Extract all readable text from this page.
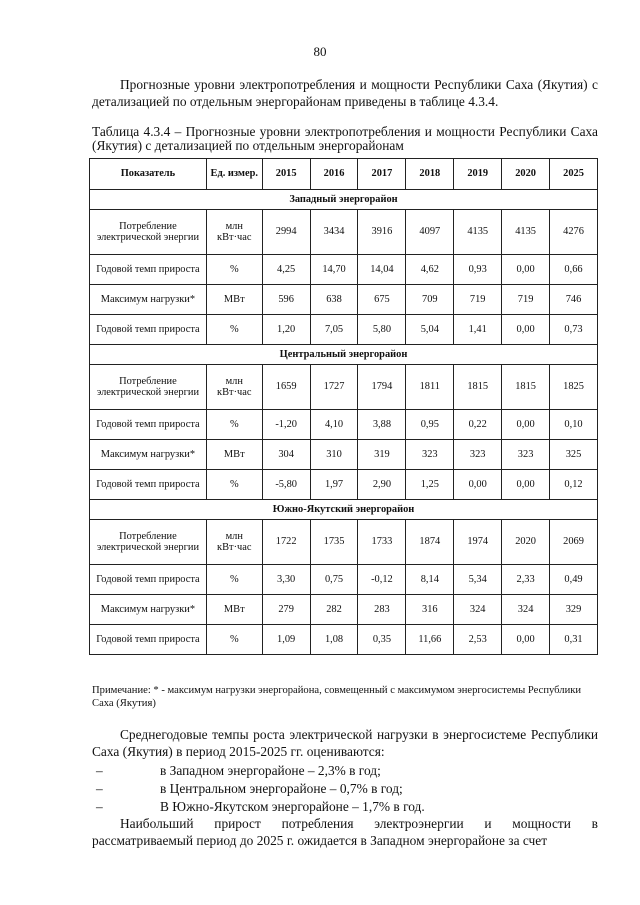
80

Прогнозные уровни электропотребления и мощности Республики Саха (Якутия) с детализацией по отдельным энергорайонам приведены в таблице 4.3.4.

Таблица 4.3.4 – Прогнозные уровни электропотребления и мощности Республики Саха (Якутия) с детализацией по отдельным энергорайонам

Показатель	Ед. измер.	2015	2016	2017	2018	2019	2020	2025
Западный энергорайон								
Потребление электрической энергии	млн кВт·час	2994	3434	3916	4097	4135	4135	4276
Годовой темп прироста	%	4,25	14,70	14,04	4,62	0,93	0,00	0,66
Максимум нагрузки*	МВт	596	638	675	709	719	719	746
Годовой темп прироста	%	1,20	7,05	5,80	5,04	1,41	0,00	0,73
Центральный энергорайон								
Потребление электрической энергии	млн кВт·час	1659	1727	1794	1811	1815	1815	1825
Годовой темп прироста	%	-1,20	4,10	3,88	0,95	0,22	0,00	0,10
Максимум нагрузки*	МВт	304	310	319	323	323	323	325
Годовой темп прироста	%	-5,80	1,97	2,90	1,25	0,00	0,00	0,12
Южно-Якутский энергорайон								
Потребление электрической энергии	млн кВт·час	1722	1735	1733	1874	1974	2020	2069
Годовой темп прироста	%	3,30	0,75	-0,12	8,14	5,34	2,33	0,49
Максимум нагрузки*	МВт	279	282	283	316	324	324	329
Годовой темп прироста	%	1,09	1,08	0,35	11,66	2,53	0,00	0,31

Примечание: * - максимум нагрузки энергорайона, совмещенный с максимумом энергосистемы Республики Саха (Якутия)

Среднегодовые темпы роста электрической нагрузки в энергосистеме Республики Саха (Якутия) в период 2015-2025 гг. оцениваются:

–	в Западном энергорайоне – 2,3% в год;
–	в Центральном энергорайоне – 0,7% в год;
–	В Южно-Якутском энергорайоне – 1,7% в год.

Наибольший прирост потребления электроэнергии и мощности в рассматриваемый период до 2025 г. ожидается в Западном энергорайоне за счет
